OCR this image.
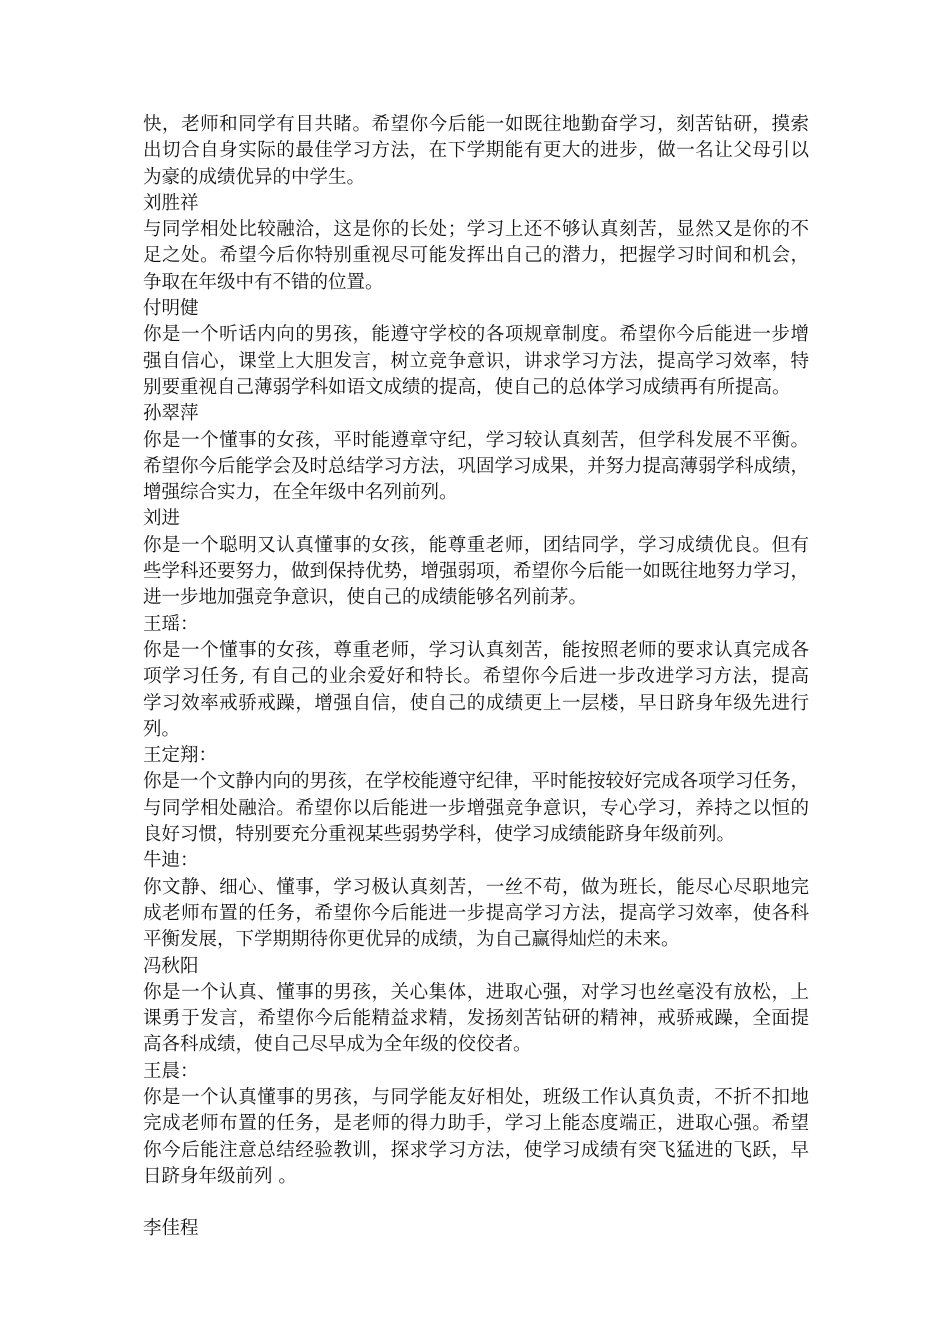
快，老师和同学有目共睹。希望你今后能一如既往地勤奋学习，刻苦钻研，摸索
出切合自身实际的最佳学习方法，在下学期能有更大的进步，做一名让父母引以
为豪的成绩优异的中学生。
刘胜祥
与同学相处比较融洽，这是你的长处；学习上还不够认真刻苦，显然又是你的不
足之处。希望今后你特别重视尽可能发挥出自己的潜力，把握学习时间和机会，
争取在年级中有不错的位置。
付明健
你是一个听话内向的男孩，能遵守学校的各项规章制度。希望你今后能进一步增
强自信心，课堂上大胆发言，树立竞争意识，讲求学习方法，提高学习效率，特
别要重视自己薄弱学科如语文成绩的提高，使自己的总体学习成绩再有所提高。
孙翠萍
你是一个懂事的女孩，平时能遵章守纪，学习较认真刻苦，但学科发展不平衡。
希望你今后能学会及时总结学习方法，巩固学习成果，并努力提高薄弱学科成绩，
增强综合实力，在全年级中名列前列。
刘进
你是一个聪明又认真懂事的女孩，能尊重老师，团结同学，学习成绩优良。但有
些学科还要努力，做到保持优势，增强弱项，希望你今后能一如既往地努力学习，
进一步地加强竞争意识，使自己的成绩能够名列前茅。
王瑶：
你是一个懂事的女孩，尊重老师，学习认真刻苦，能按照老师的要求认真完成各
项学习任务, 有自己的业余爱好和特长。希望你今后进一步改进学习方法，提高
学习效率戒骄戒躁，增强自信，使自己的成绩更上一层楼，早日跻身年级先进行
列。
王定翔：
你是一个文静内向的男孩，在学校能遵守纪律，平时能按较好完成各项学习任务，
与同学相处融洽。希望你以后能进一步增强竞争意识，专心学习，养持之以恒的
良好习惯，特别要充分重视某些弱势学科，使学习成绩能跻身年级前列。
牛迪：
你文静、细心、懂事，学习极认真刻苦，一丝不苟，做为班长，能尽心尽职地完
成老师布置的任务，希望你今后能进一步提高学习方法，提高学习效率，使各科
平衡发展，下学期期待你更优异的成绩，为自己赢得灿烂的未来。
冯秋阳
你是一个认真、懂事的男孩，关心集体，进取心强，对学习也丝毫没有放松，上
课勇于发言，希望你今后能精益求精，发扬刻苦钻研的精神，戒骄戒躁，全面提
高各科成绩，使自己尽早成为全年级的佼佼者。
王晨：
你是一个认真懂事的男孩，与同学能友好相处，班级工作认真负责，不折不扣地
完成老师布置的任务，是老师的得力助手，学习上能态度端正，进取心强。希望
你今后能注意总结经验教训，探求学习方法，使学习成绩有突飞猛进的飞跃，早
日跻身年级前列 。
李佳程
